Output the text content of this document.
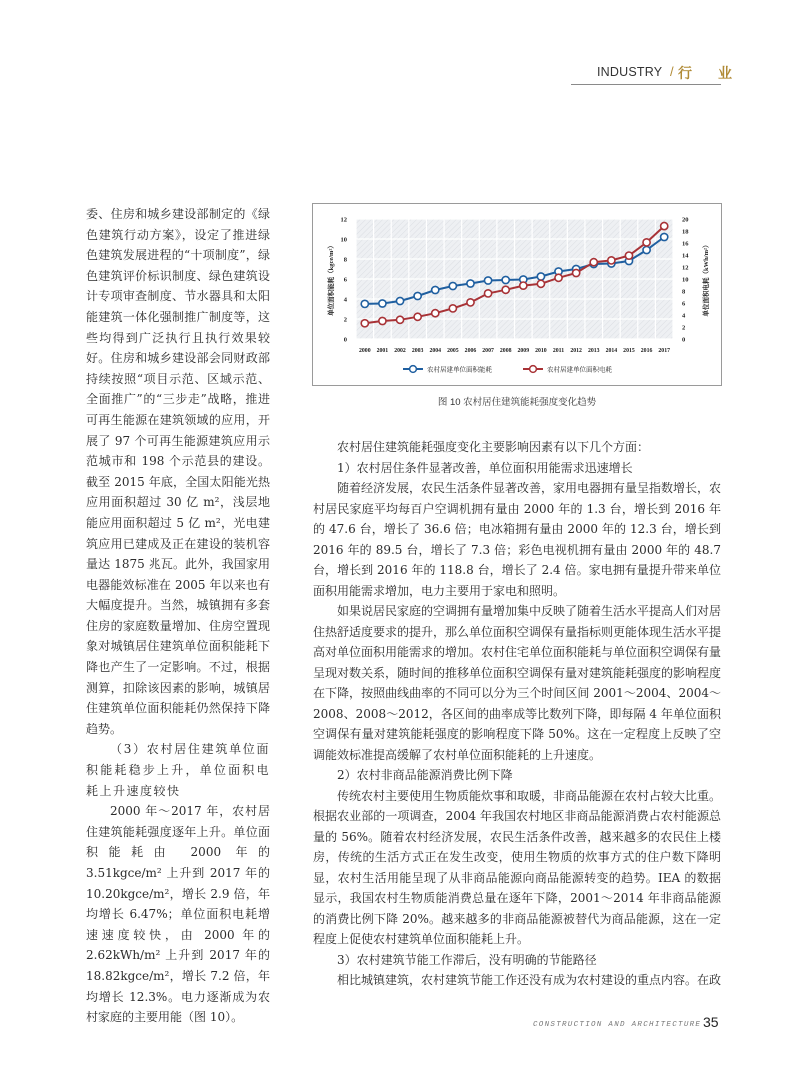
INDUSTRY / 行 业

委、住房和城乡建设部制定的《绿色建筑行动方案》，设定了推进绿色建筑发展进程的“十项制度”，绿色建筑评价标识制度、绿色建筑设计专项审查制度、节水器具和太阳能建筑一体化强制推广制度等，这些均得到广泛执行且执行效果较好。住房和城乡建设部会同财政部持续按照“项目示范、区域示范、全面推广”的“三步走”战略，推进可再生能源在建筑领域的应用，开展了 97 个可再生能源建筑应用示范城市和 198 个示范县的建设。截至 2015 年底，全国太阳能光热应用面积超过 30 亿 m²，浅层地能应用面积超过 5 亿 m²，光电建筑应用已建成及正在建设的装机容量达 1875 兆瓦。此外，我国家用电器能效标准在 2005 年以来也有大幅度提升。当然，城镇拥有多套住房的家庭数量增加、住房空置现象对城镇居住建筑单位面积能耗下降也产生了一定影响。不过，根据测算，扣除该因素的影响，城镇居住建筑单位面积能耗仍然保持下降趋势。

（3）农村居住建筑单位面积能耗稳步上升，单位面积电耗上升速度较快

2000 年～2017 年，农村居住建筑能耗强度逐年上升。单位面积能耗由 2000 年的 3.51kgce/m² 上升到 2017 年的 10.20kgce/m²，增长 2.9 倍，年均增长 6.47%；单位面积电耗增速速度较快，由 2000 年的 2.62kWh/m² 上升到 2017 年的 18.82kgce/m²，增长 7.2 倍，年均增长 12.3%。电力逐渐成为农村家庭的主要用能（图 10）。

0
2
4
6
8
10
12
0
2
4
6
8
10
12
14
16
18
20
2000 2001 2002 2003 2004 2005 2006 2007 2008 2009 2010 2011 2012 2013 2014 2015 2016 2017
单位面积能耗（kgce/m²）	单位面积电耗（kWh/m²）
农村居建单位面积能耗	农村居建单位面积电耗
图 10 农村居住建筑能耗强度变化趋势

农村居住建筑能耗强度变化主要影响因素有以下几个方面：

1）农村居住条件显著改善，单位面积用能需求迅速增长

随着经济发展，农民生活条件显著改善，家用电器拥有量呈指数增长，农村居民家庭平均每百户空调机拥有量由 2000 年的 1.3 台，增长到 2016 年的 47.6 台，增长了 36.6 倍；电冰箱拥有量由 2000 年的 12.3 台，增长到 2016 年的 89.5 台，增长了 7.3 倍；彩色电视机拥有量由 2000 年的 48.7 台，增长到 2016 年的 118.8 台，增长了 2.4 倍。家电拥有量提升带来单位面积用能需求增加，电力主要用于家电和照明。

如果说居民家庭的空调拥有量增加集中反映了随着生活水平提高人们对居住热舒适度要求的提升，那么单位面积空调保有量指标则更能体现生活水平提高对单位面积用能需求的增加。农村住宅单位面积能耗与单位面积空调保有量呈现对数关系，随时间的推移单位面积空调保有量对建筑能耗强度的影响程度在下降，按照曲线曲率的不同可以分为三个时间区间 2001～2004、2004～2008、2008～2012，各区间的曲率成等比数列下降，即每隔 4 年单位面积空调保有量对建筑能耗强度的影响程度下降 50%。这在一定程度上反映了空调能效标准提高缓解了农村单位面积能耗的上升速度。

2）农村非商品能源消费比例下降

传统农村主要使用生物质能炊事和取暖，非商品能源在农村占较大比重。根据农业部的一项调查，2004 年我国农村地区非商品能源消费占农村能源总量的 56%。随着农村经济发展，农民生活条件改善，越来越多的农民住上楼房，传统的生活方式正在发生改变，使用生物质的炊事方式的住户数下降明显，农村生活用能呈现了从非商品能源向商品能源转变的趋势。IEA 的数据显示，我国农村生物质能消费总量在逐年下降，2001～2014 年非商品能源的消费比例下降 20%。越来越多的非商品能源被替代为商品能源，这在一定程度上促使农村建筑单位面积能耗上升。

3）农村建筑节能工作滞后，没有明确的节能路径

相比城镇建筑，农村建筑节能工作还没有成为农村建设的重点内容。在政

CONSTRUCTION AND ARCHITECTURE 35
